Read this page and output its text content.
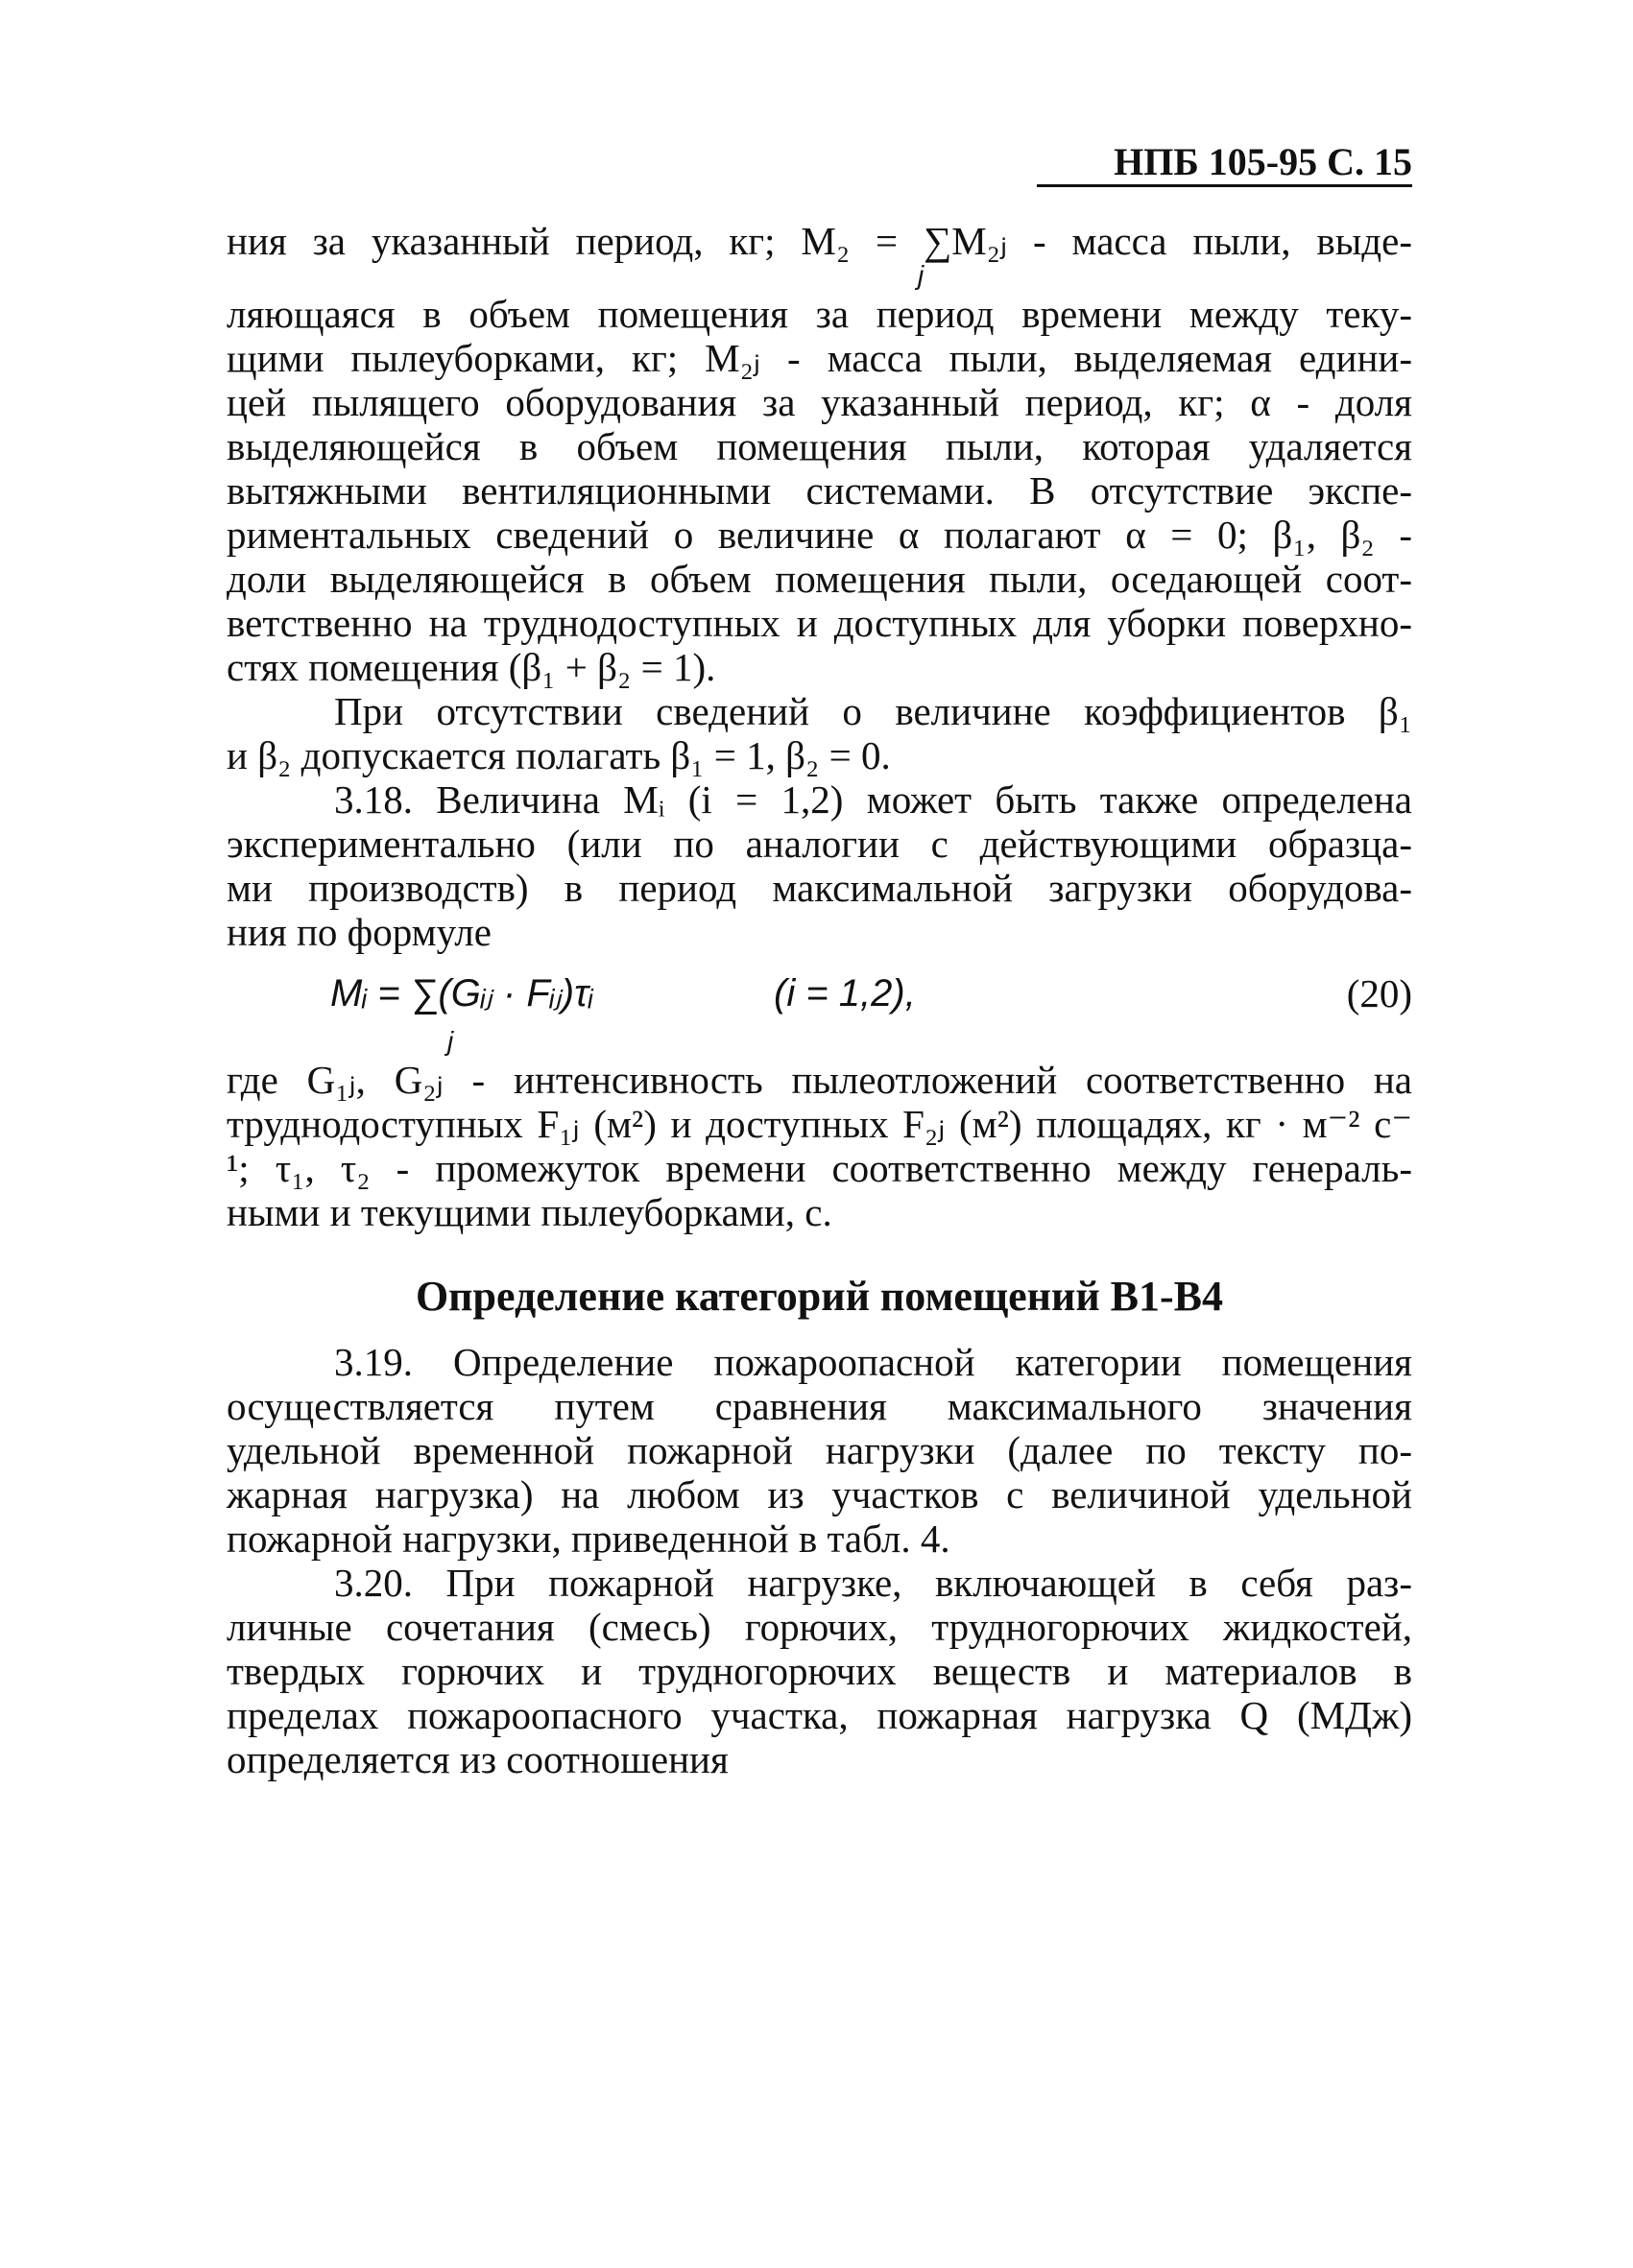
НПБ 105-95 С. 15
ния за указанный период, кг; M₂ = ∑M₂ⱼ - масса пыли, выде-
j
ляющаяся в объем помещения за период времени между теку-
щими пылеуборками, кг; M₂ⱼ - масса пыли, выделяемая едини-
цей пылящего оборудования за указанный период, кг; α - доля
выделяющейся в объем помещения пыли, которая удаляется
вытяжными вентиляционными системами. В отсутствие экспе-
риментальных сведений о величине α полагают α = 0; β₁, β₂ -
доли выделяющейся в объем помещения пыли, оседающей соот-
ветственно на труднодоступных и доступных для уборки поверхно-
стях помещения (β₁ + β₂ = 1).
При отсутствии сведений о величине коэффициентов β₁
и β₂ допускается полагать β₁ = 1, β₂ = 0.
3.18. Величина Mᵢ (i = 1,2) может быть также определена
экспериментально (или по аналогии с действующими образца-
ми производств) в период максимальной загрузки оборудова-
ния по формуле
Mᵢ = ∑(Gᵢⱼ · Fᵢⱼ)τᵢ
j
(i = 1,2),	(20)
где G₁ⱼ, G₂ⱼ - интенсивность пылеотложений соответственно на
труднодоступных F₁ⱼ (м²) и доступных F₂ⱼ (м²) площадях, кг · м⁻² с⁻
¹; τ₁, τ₂ - промежуток времени соответственно между генераль-
ными и текущими пылеуборками, с.
Определение категорий помещений В1-В4
3.19. Определение пожароопасной категории помещения
осуществляется путем сравнения максимального значения
удельной временной пожарной нагрузки (далее по тексту по-
жарная нагрузка) на любом из участков с величиной удельной
пожарной нагрузки, приведенной в табл. 4.
3.20. При пожарной нагрузке, включающей в себя раз-
личные сочетания (смесь) горючих, трудногорючих жидкостей,
твердых горючих и трудногорючих веществ и материалов в
пределах пожароопасного участка, пожарная нагрузка Q (МДж)
определяется из соотношения
